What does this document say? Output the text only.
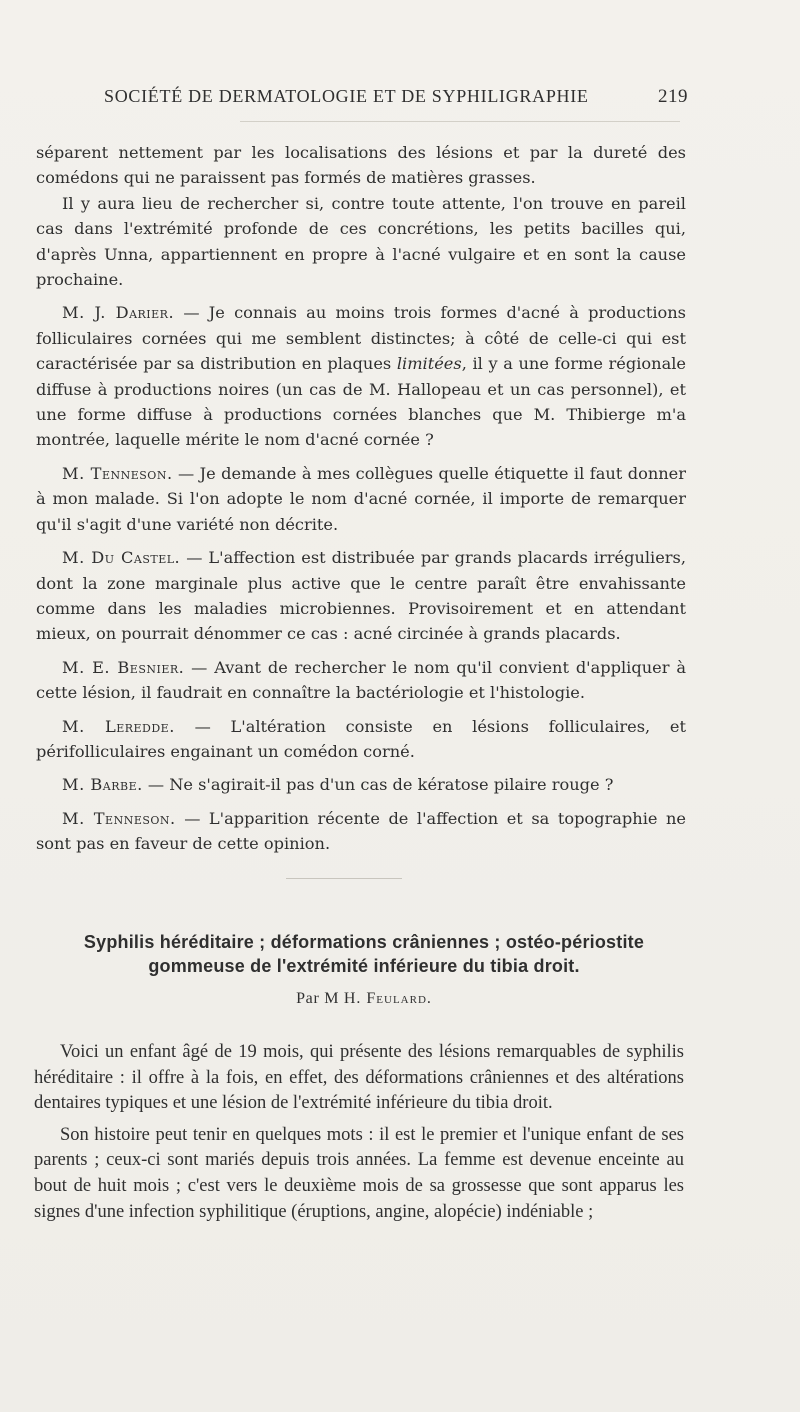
SOCIÉTÉ DE DERMATOLOGIE ET DE SYPHILIGRAPHIE	219

séparent nettement par les localisations des lésions et par la dureté des comédons qui ne paraissent pas formés de matières grasses.

Il y aura lieu de rechercher si, contre toute attente, l'on trouve en pareil cas dans l'extrémité profonde de ces concrétions, les petits bacilles qui, d'après Unna, appartiennent en propre à l'acné vulgaire et en sont la cause prochaine.

M. J. Darier. — Je connais au moins trois formes d'acné à productions folliculaires cornées qui me semblent distinctes; à côté de celle-ci qui est caractérisée par sa distribution en plaques limitées, il y a une forme régionale diffuse à productions noires (un cas de M. Hallopeau et un cas personnel), et une forme diffuse à productions cornées blanches que M. Thibierge m'a montrée, laquelle mérite le nom d'acné cornée ?

M. Tenneson. — Je demande à mes collègues quelle étiquette il faut donner à mon malade. Si l'on adopte le nom d'acné cornée, il importe de remarquer qu'il s'agit d'une variété non décrite.

M. Du Castel. — L'affection est distribuée par grands placards irréguliers, dont la zone marginale plus active que le centre paraît être envahissante comme dans les maladies microbiennes. Provisoirement et en attendant mieux, on pourrait dénommer ce cas : acné circinée à grands placards.

M. E. Besnier. — Avant de rechercher le nom qu'il convient d'appliquer à cette lésion, il faudrait en connaître la bactériologie et l'histologie.

M. Leredde. — L'altération consiste en lésions folliculaires, et périfolliculaires engainant un comédon corné.

M. Barbe. — Ne s'agirait-il pas d'un cas de kératose pilaire rouge ?

M. Tenneson. — L'apparition récente de l'affection et sa topographie ne sont pas en faveur de cette opinion.

Syphilis héréditaire ; déformations crâniennes ; ostéo-périostite
gommeuse de l'extrémité inférieure du tibia droit.
Par M H. Feulard.

Voici un enfant âgé de 19 mois, qui présente des lésions remarquables de syphilis héréditaire : il offre à la fois, en effet, des déformations crâniennes et des altérations dentaires typiques et une lésion de l'extrémité inférieure du tibia droit.

Son histoire peut tenir en quelques mots : il est le premier et l'unique enfant de ses parents ; ceux-ci sont mariés depuis trois années. La femme est devenue enceinte au bout de huit mois ; c'est vers le deuxième mois de sa grossesse que sont apparus les signes d'une infection syphilitique (éruptions, angine, alopécie) indéniable ;
